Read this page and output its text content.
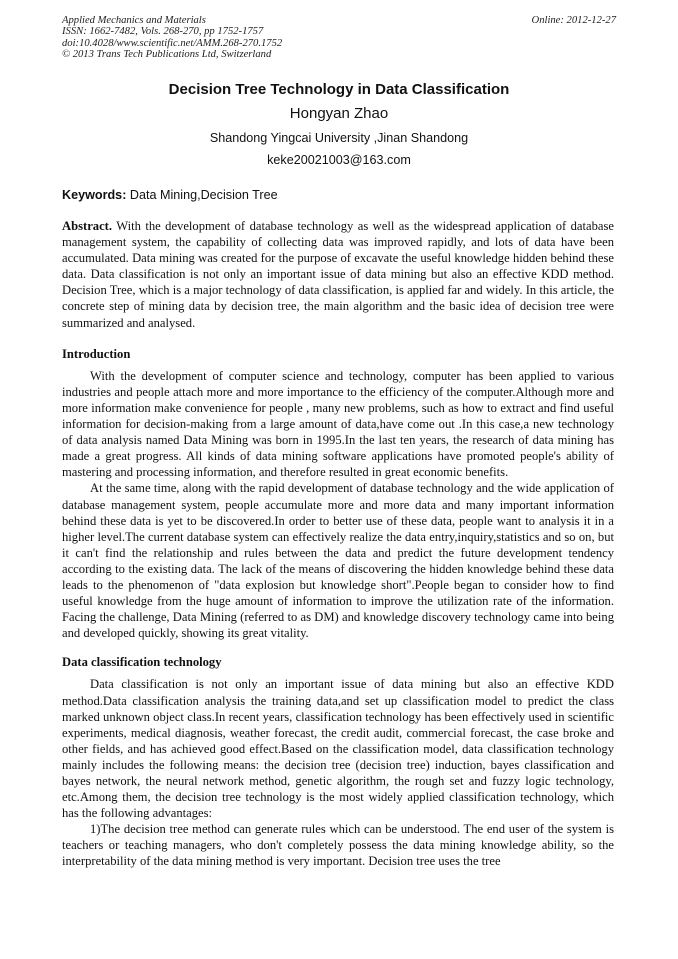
Applied Mechanics and Materials
ISSN: 1662-7482, Vols. 268-270, pp 1752-1757
doi:10.4028/www.scientific.net/AMM.268-270.1752
© 2013 Trans Tech Publications Ltd, Switzerland
Online: 2012-12-27
Decision Tree Technology in Data Classification
Hongyan Zhao
Shandong Yingcai University ,Jinan Shandong
keke20021003@163.com
Keywords: Data Mining,Decision Tree

Abstract. With the development of database technology as well as the widespread application of database management system, the capability of collecting data was improved rapidly, and lots of data have been accumulated. Data mining was created for the purpose of excavate the useful knowledge hidden behind these data. Data classification is not only an important issue of data mining but also an effective KDD method. Decision Tree, which is a major technology of data classification, is applied far and widely. In this article, the concrete step of mining data by decision tree, the main algorithm and the basic idea of decision tree were summarized and analysed.

Introduction

With the development of computer science and technology, computer has been applied to various industries and people attach more and more importance to the efficiency of the computer.Although more and more information make convenience for people , many new problems, such as how to extract and find useful information for decision-making from a large amount of data,have come out .In this case,a new technology of data analysis named Data Mining was born in 1995.In the last ten years, the research of data mining has made a great progress. All kinds of data mining software applications have promoted people's ability of mastering and processing information, and therefore resulted in great economic benefits.

At the same time, along with the rapid development of database technology and the wide application of database management system, people accumulate more and more data and many important information behind these data is yet to be discovered.In order to better use of these data, people want to analysis it in a higher level.The current database system can effectively realize the data entry,inquiry,statistics and so on, but it can't find the relationship and rules between the data and predict the future development tendency according to the existing data. The lack of the means of discovering the hidden knowledge behind these data leads to the phenomenon of "data explosion but knowledge short".People began to consider how to find useful knowledge from the huge amount of information to improve the utilization rate of the information. Facing the challenge, Data Mining (referred to as DM) and knowledge discovery technology came into being and developed quickly, showing its great vitality.

Data classification technology

Data classification is not only an important issue of data mining but also an effective KDD method.Data classification analysis the training data,and set up classification model to predict the class marked unknown object class.In recent years, classification technology has been effectively used in scientific experiments, medical diagnosis, weather forecast, the credit audit, commercial forecast, the case broke and other fields, and has achieved good effect.Based on the classification model, data classification technology mainly includes the following means: the decision tree (decision tree) induction, bayes classification and bayes network, the neural network method, genetic algorithm, the rough set and fuzzy logic technology, etc.Among them, the decision tree technology is the most widely applied classification technology, which has the following advantages:

1)The decision tree method can generate rules which can be understood. The end user of the system is teachers or teaching managers, who don't completely possess the data mining knowledge ability, so the interpretability of the data mining method is very important. Decision tree uses the tree
